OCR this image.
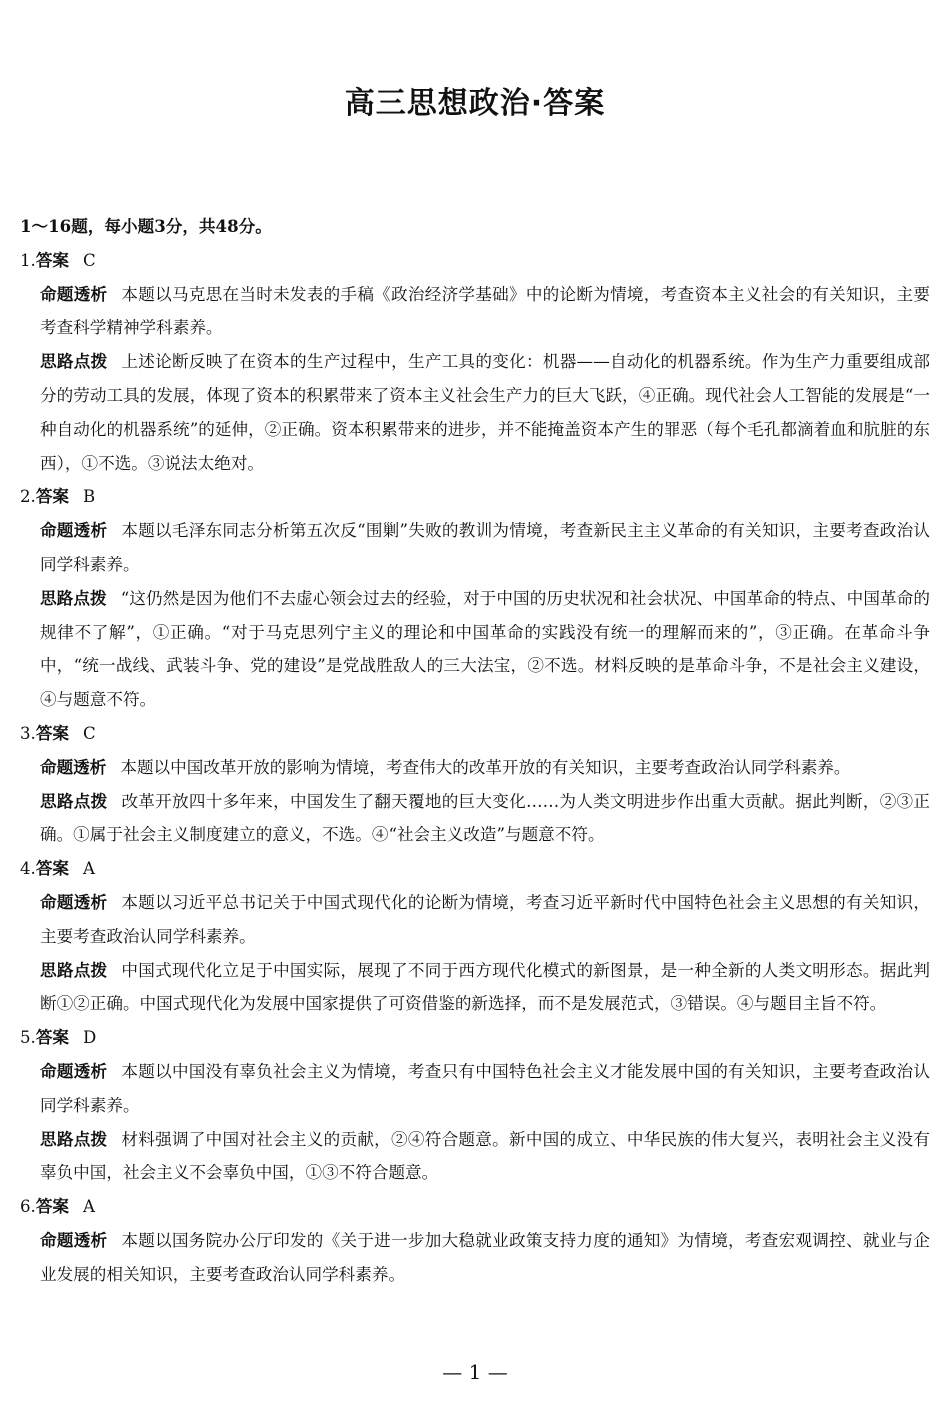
高三思想政治·答案
1～16题，每小题3分，共48分。
1.答案 C
命题透析 本题以马克思在当时未发表的手稿《政治经济学基础》中的论断为情境，考查资本主义社会的有关知识，主要考查科学精神学科素养。
思路点拨 上述论断反映了在资本的生产过程中，生产工具的变化：机器——自动化的机器系统。作为生产力重要组成部分的劳动工具的发展，体现了资本的积累带来了资本主义社会生产力的巨大飞跃，④正确。现代社会人工智能的发展是“一种自动化的机器系统”的延伸，②正确。资本积累带来的进步，并不能掩盖资本产生的罪恶（每个毛孔都滴着血和肮脏的东西），①不选。③说法太绝对。
2.答案 B
命题透析 本题以毛泽东同志分析第五次反“围剿”失败的教训为情境，考查新民主主义革命的有关知识，主要考查政治认同学科素养。
思路点拨 “这仍然是因为他们不去虚心领会过去的经验，对于中国的历史状况和社会状况、中国革命的特点、中国革命的规律不了解”，①正确。“对于马克思列宁主义的理论和中国革命的实践没有统一的理解而来的”，③正确。在革命斗争中，“统一战线、武装斗争、党的建设”是党战胜敌人的三大法宝，②不选。材料反映的是革命斗争，不是社会主义建设，④与题意不符。
3.答案 C
命题透析 本题以中国改革开放的影响为情境，考查伟大的改革开放的有关知识，主要考查政治认同学科素养。
思路点拨 改革开放四十多年来，中国发生了翻天覆地的巨大变化……为人类文明进步作出重大贡献。据此判断，②③正确。①属于社会主义制度建立的意义，不选。④“社会主义改造”与题意不符。
4.答案 A
命题透析 本题以习近平总书记关于中国式现代化的论断为情境，考查习近平新时代中国特色社会主义思想的有关知识，主要考查政治认同学科素养。
思路点拨 中国式现代化立足于中国实际，展现了不同于西方现代化模式的新图景，是一种全新的人类文明形态。据此判断①②正确。中国式现代化为发展中国家提供了可资借鉴的新选择，而不是发展范式，③错误。④与题目主旨不符。
5.答案 D
命题透析 本题以中国没有辜负社会主义为情境，考查只有中国特色社会主义才能发展中国的有关知识，主要考查政治认同学科素养。
思路点拨 材料强调了中国对社会主义的贡献，②④符合题意。新中国的成立、中华民族的伟大复兴，表明社会主义没有辜负中国，社会主义不会辜负中国，①③不符合题意。
6.答案 A
命题透析 本题以国务院办公厅印发的《关于进一步加大稳就业政策支持力度的通知》为情境，考查宏观调控、就业与企业发展的相关知识，主要考查政治认同学科素养。
— 1 —
